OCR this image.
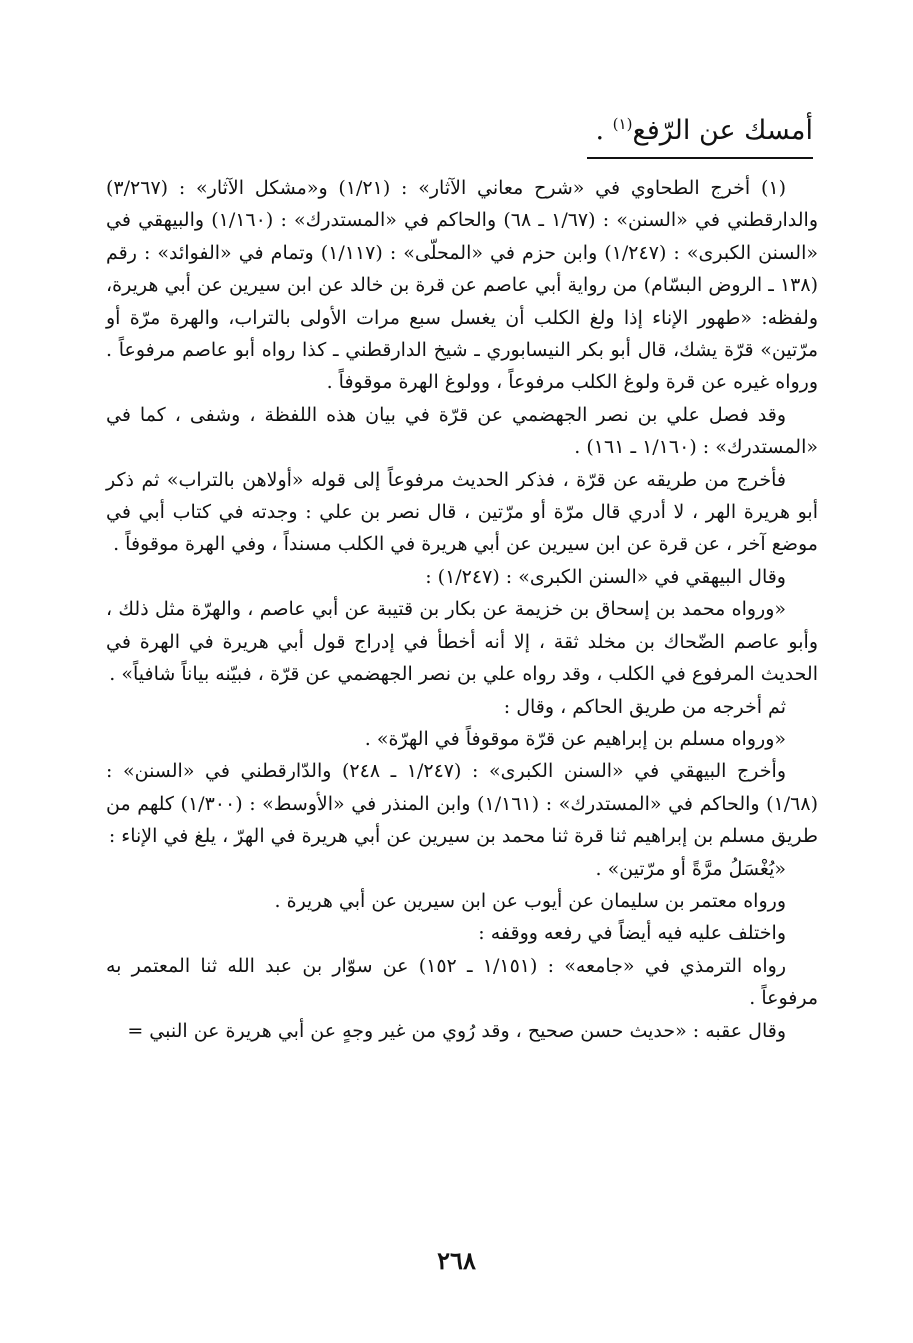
أمسك عن الرّفع$^{(١)}$ .

(١) أخرج الطحاوي في «شرح معاني الآثار» : (١/٢١) و«مشكل الآثار» : (٣/٢٦٧) والدارقطني في «السنن» : (١/٦٧ ـ ٦٨) والحاكم في «المستدرك» : (١/١٦٠) والبيهقي في «السنن الكبرى» : (١/٢٤٧) وابن حزم في «المحلّى» : (١/١١٧) وتمام في «الفوائد» : رقم (١٣٨ ـ الروض البسّام) من رواية أبي عاصم عن قرة بن خالد عن ابن سيرين عن أبي هريرة، ولفظه: «طهور الإناء إذا ولغ الكلب أن يغسل سبع مرات الأولى بالتراب، والهرة مرّة أو مرّتين» قرّة يشك، قال أبو بكر النيسابوري ـ شيخ الدارقطني ـ كذا رواه أبو عاصم مرفوعاً . ورواه غيره عن قرة ولوغ الكلب مرفوعاً ، وولوغ الهرة موقوفاً .

وقد فصل علي بن نصر الجهضمي عن قرّة في بيان هذه اللفظة ، وشفى ، كما في «المستدرك» : (١/١٦٠ ـ ١٦١) .

فأخرج من طريقه عن قرّة ، فذكر الحديث مرفوعاً إلى قوله «أولاهن بالتراب» ثم ذكر أبو هريرة الهر ، لا أدري قال مرّة أو مرّتين ، قال نصر بن علي : وجدته في كتاب أبي في موضع آخر ، عن قرة عن ابن سيرين عن أبي هريرة في الكلب مسنداً ، وفي الهرة موقوفاً .

وقال البيهقي في «السنن الكبرى» : (١/٢٤٧) :

«ورواه محمد بن إسحاق بن خزيمة عن بكار بن قتيبة عن أبي عاصم ، والهرّة مثل ذلك ، وأبو عاصم الضّحاك بن مخلد ثقة ، إلا أنه أخطأ في إدراج قول أبي هريرة في الهرة في الحديث المرفوع في الكلب ، وقد رواه علي بن نصر الجهضمي عن قرّة ، فبيّنه بياناً شافياً» .

ثم أخرجه من طريق الحاكم ، وقال :

«ورواه مسلم بن إبراهيم عن قرّة موقوفاً في الهرّة» .

وأخرج البيهقي في «السنن الكبرى» : (١/٢٤٧ ـ ٢٤٨) والدّارقطني في «السنن» : (١/٦٨) والحاكم في «المستدرك» : (١/١٦١) وابن المنذر في «الأوسط» : (١/٣٠٠) كلهم من طريق مسلم بن إبراهيم ثنا قرة ثنا محمد بن سيرين عن أبي هريرة في الهرّ ، يلغ في الإناء :

«يُغْسَلُ مرَّةً أو مرّتين» .

ورواه معتمر بن سليمان عن أيوب عن ابن سيرين عن أبي هريرة .

واختلف عليه فيه أيضاً في رفعه ووقفه :

رواه الترمذي في «جامعه» : (١/١٥١ ـ ١٥٢) عن سوّار بن عبد الله ثنا المعتمر به مرفوعاً .

وقال عقبه : «حديث حسن صحيح ، وقد رُوي من غير وجهٍ عن أبي هريرة عن النبي =

٢٦٨
